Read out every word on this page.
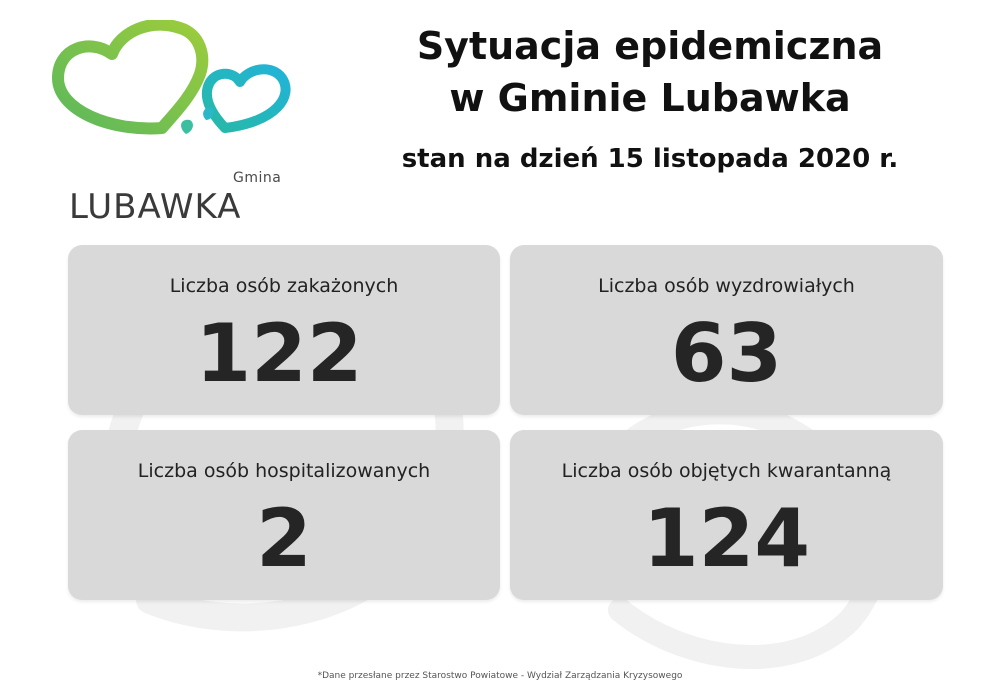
Gmina
LUBAWKA
Sytuacja epidemiczna
w Gminie Lubawka
stan na dzień 15 listopada 2020 r.
Liczba osób zakażonych
122
Liczba osób wyzdrowiałych
63
Liczba osób hospitalizowanych
2
Liczba osób objętych kwarantanną
124
*Dane przesłane przez Starostwo Powiatowe - Wydział Zarządzania Kryzysowego
